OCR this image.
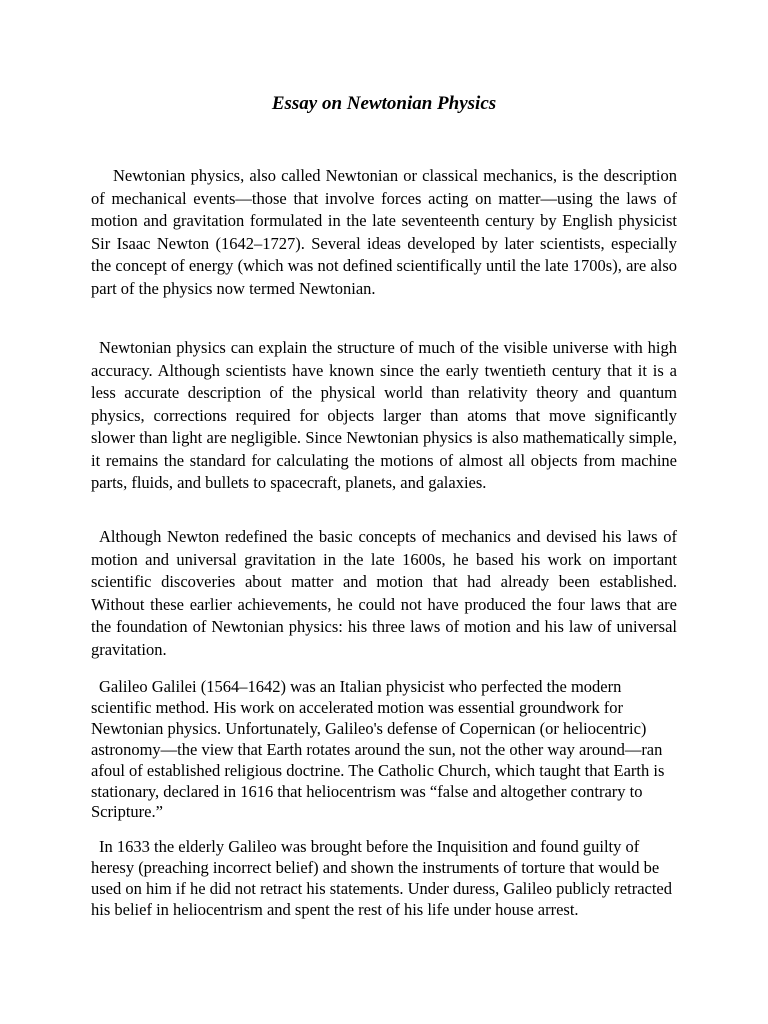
Essay on Newtonian Physics

Newtonian physics, also called Newtonian or classical mechanics, is the description of mechanical events—those that involve forces acting on matter—using the laws of motion and gravitation formulated in the late seventeenth century by English physicist Sir Isaac Newton (1642–1727). Several ideas developed by later scientists, especially the concept of energy (which was not defined scientifically until the late 1700s), are also part of the physics now termed Newtonian.

Newtonian physics can explain the structure of much of the visible universe with high accuracy. Although scientists have known since the early twentieth century that it is a less accurate description of the physical world than relativity theory and quantum physics, corrections required for objects larger than atoms that move significantly slower than light are negligible. Since Newtonian physics is also mathematically simple, it remains the standard for calculating the motions of almost all objects from machine parts, fluids, and bullets to spacecraft, planets, and galaxies.

Although Newton redefined the basic concepts of mechanics and devised his laws of motion and universal gravitation in the late 1600s, he based his work on important scientific discoveries about matter and motion that had already been established. Without these earlier achievements, he could not have produced the four laws that are the foundation of Newtonian physics: his three laws of motion and his law of universal gravitation.

Galileo Galilei (1564–1642) was an Italian physicist who perfected the modern scientific method. His work on accelerated motion was essential groundwork for Newtonian physics. Unfortunately, Galileo's defense of Copernican (or heliocentric) astronomy—the view that Earth rotates around the sun, not the other way around—ran afoul of established religious doctrine. The Catholic Church, which taught that Earth is stationary, declared in 1616 that heliocentrism was “false and altogether contrary to Scripture.”

In 1633 the elderly Galileo was brought before the Inquisition and found guilty of heresy (preaching incorrect belief) and shown the instruments of torture that would be used on him if he did not retract his statements. Under duress, Galileo publicly retracted his belief in heliocentrism and spent the rest of his life under house arrest.
